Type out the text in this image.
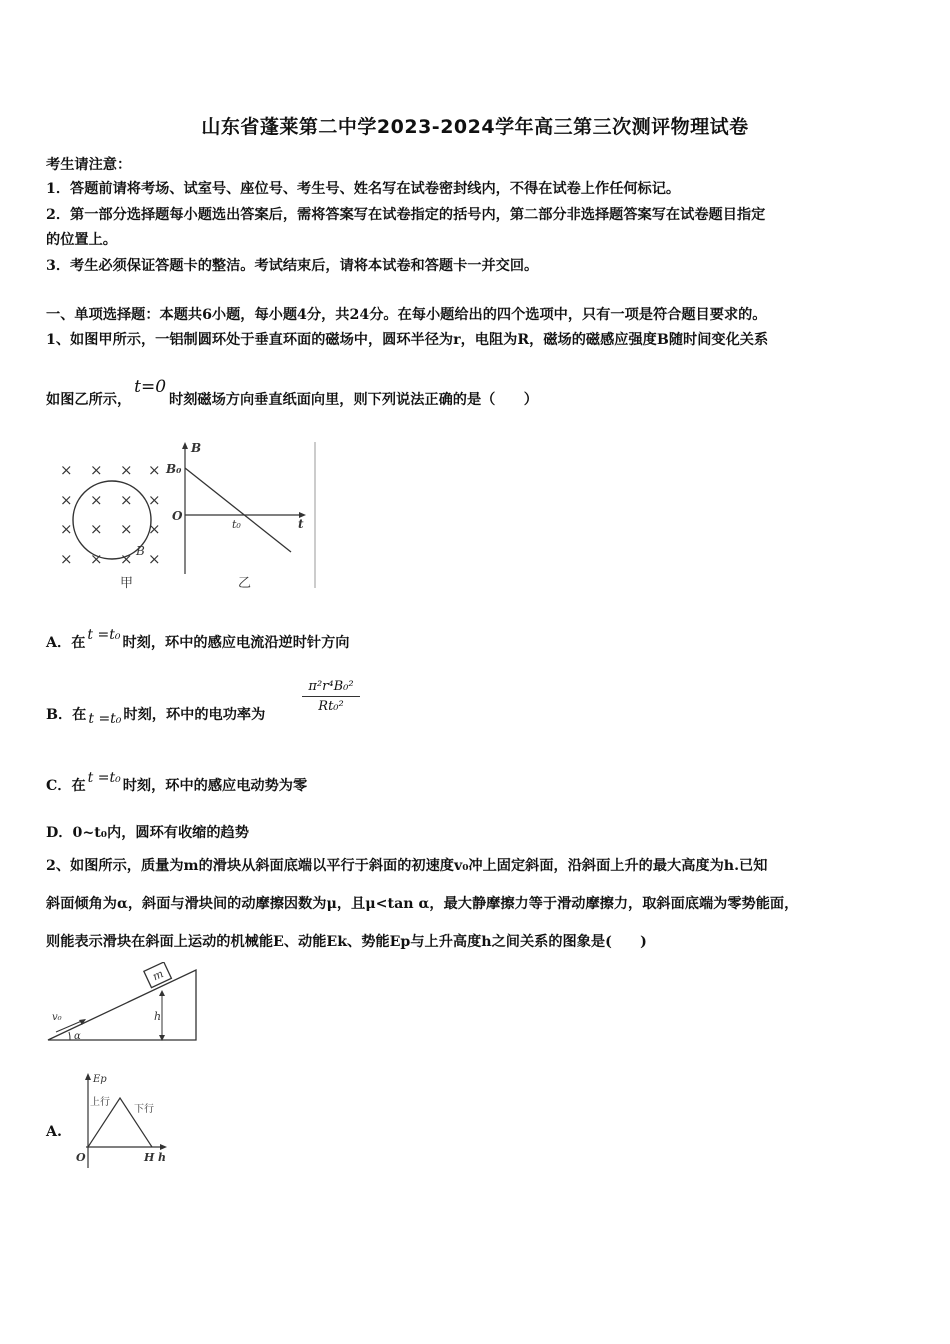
山东省蓬莱第二中学2023-2024学年高三第三次测评物理试卷
考生请注意：
1．答题前请将考场、试室号、座位号、考生号、姓名写在试卷密封线内，不得在试卷上作任何标记。
2．第一部分选择题每小题选出答案后，需将答案写在试卷指定的括号内，第二部分非选择题答案写在试卷题目指定
的位置上。
3．考生必须保证答题卡的整洁。考试结束后，请将本试卷和答题卡一并交回。
一、单项选择题：本题共6小题，每小题4分，共24分。在每小题给出的四个选项中，只有一项是符合题目要求的。
1、如图甲所示，一铝制圆环处于垂直环面的磁场中，圆环半径为r，电阻为R，磁场的磁感应强度B随时间变化关系
如图乙所示，t=0时刻磁场方向垂直纸面向里，则下列说法正确的是（　　）
× × × ×
× × × ×
× × × ×
× × × ×
B
甲
B
B₀
O
t₀	t
乙
A．在 t =t₀ 时刻，环中的感应电流沿逆时针方向
B．在 t =t₀ 时刻，环中的电功率为
$\frac{\text{π²r⁴B₀²}}{\text{Rt₀²}}$
C．在 t =t₀ 时刻，环中的感应电动势为零
D．0~t₀内，圆环有收缩的趋势
2、如图所示，质量为m的滑块从斜面底端以平行于斜面的初速度v₀冲上固定斜面，沿斜面上升的最大高度为h.已知
斜面倾角为α，斜面与滑块间的动摩擦因数为μ，且μ<tan α，最大静摩擦力等于滑动摩擦力，取斜面底端为零势能面，
则能表示滑块在斜面上运动的机械能E、动能Ek、势能Ep与上升高度h之间关系的图象是(　　)
m
h
v₀
α
A.
Ep
上行
下行
O	H h
